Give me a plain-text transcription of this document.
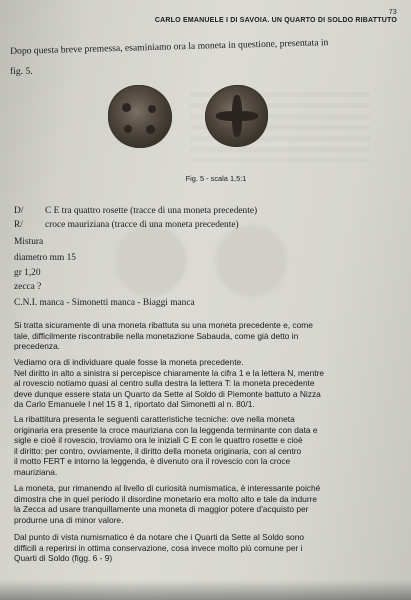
73
CARLO EMANUELE I DI SAVOIA. UN QUARTO DI SOLDO RIBATTUTO

Dopo questa breve premessa, esaminiamo ora la moneta in questione, presentata in

fig. 5.

Fig. 5 - scala 1,5:1
D/ C E tra quattro rosette (tracce di una moneta precedente)
R/ croce mauriziana (tracce di una moneta precedente)
Mistura
diametro mm 15
gr 1,20
zecca ?
C.N.I. manca - Simonetti manca - Biaggi manca
Si tratta sicuramente di una moneta ribattuta su una moneta precedente e, come
tale, difficilmente riscontrabile nella monetazione Sabauda, come già detto in
precedenza.
Vediamo ora di individuare quale fosse la moneta precedente.
Nel diritto in alto a sinistra si percepisce chiaramente la cifra 1 e la lettera N, mentre
al rovescio notiamo quasi al centro sulla destra la lettera T: la moneta precedente
deve dunque essere stata un Quarto da Sette al Soldo di Piemonte battuto a Nizza
da Carlo Emanuele I nel 15 8 1, riportato dal Simonetti al n. 80/1.
La ribattitura presenta le seguenti caratteristiche tecniche: ove nella moneta
originaria era presente la croce mauriziana con la leggenda terminante con data e
sigle e cioè il rovescio, troviamo ora le iniziali C E con le quattro rosette e cioè
il diritto: per contro, ovviamente, il diritto della moneta originaria, con al centro
il motto FERT e intorno la leggenda, è divenuto ora il rovescio con la croce
mauriziana.
La moneta, pur rimanendo al livello di curiosità numismatica, è interessante poiché
dimostra che in quel periodo il disordine monetario era molto alto e tale da indurre
la Zecca ad usare tranquillamente una moneta di maggior potere d'acquisto per
produrne una di minor valore.
Dal punto di vista numismatico è da notare che i Quarti da Sette al Soldo sono
difficili a reperirsi in ottima conservazione, cosa invece molto più comune per i
Quarti di Soldo (figg. 6 - 9)
